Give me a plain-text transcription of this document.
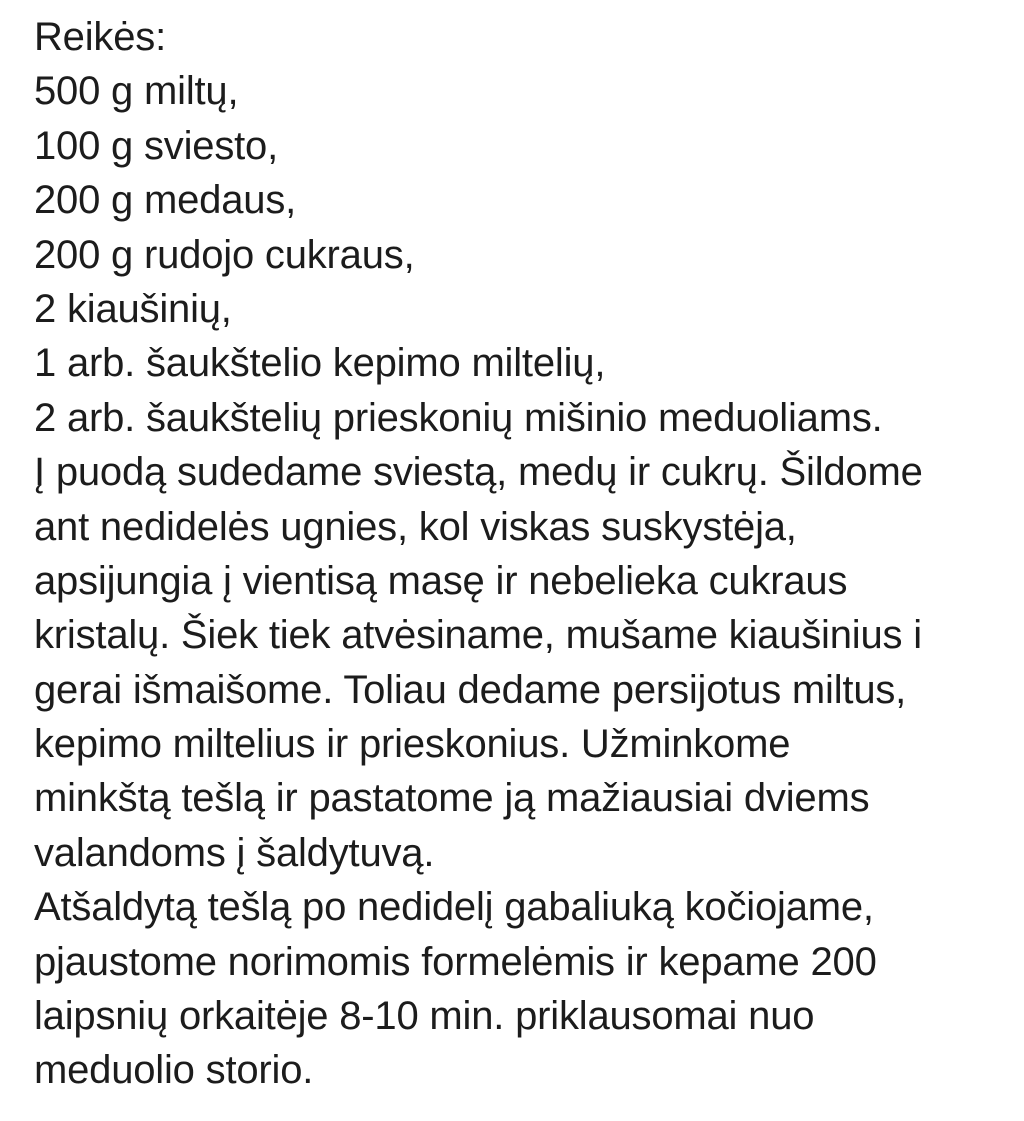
Reikės:
500 g miltų,
100 g sviesto,
200 g medaus,
200 g rudojo cukraus,
2 kiaušinių,
1 arb. šaukštelio kepimo miltelių,
2 arb. šaukštelių prieskonių mišinio meduoliams.
Į puodą sudedame sviestą, medų ir cukrų. Šildome
ant nedidelės ugnies, kol viskas suskystėja,
apsijungia į vientisą masę ir nebelieka cukraus
kristalų. Šiek tiek atvėsiname, mušame kiaušinius i
gerai išmaišome. Toliau dedame persijotus miltus,
kepimo miltelius ir prieskonius. Užminkome
minkštą tešlą ir pastatome ją mažiausiai dviems
valandoms į šaldytuvą.
Atšaldytą tešlą po nedidelį gabaliuką kočiojame,
pjaustome norimomis formelėmis ir kepame 200
laipsnių orkaitėje 8-10 min. priklausomai nuo
meduolio storio.
